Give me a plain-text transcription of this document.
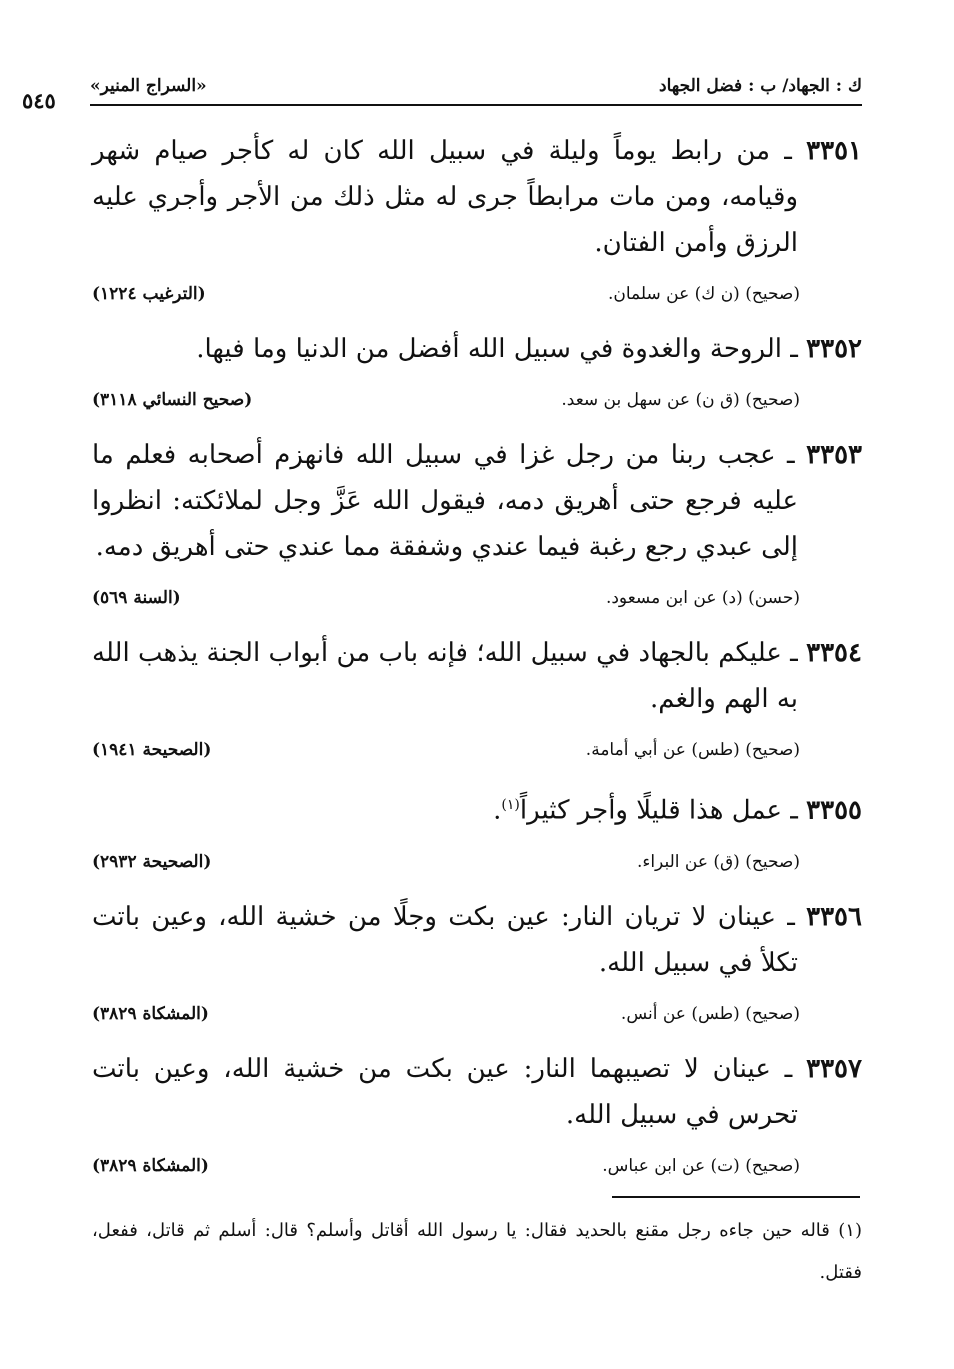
ك : الجهاد/ ب : فضل الجهاد
«السراج المنير»
٥٤٥
٣٣٥١ ـ من رابط يوماً وليلة في سبيل الله كان له كأجر صيام شهر وقيامه، ومن مات مرابطاً جرى له مثل ذلك من الأجر وأجري عليه الرزق وأمن الفتان.
(صحيح) (ن ك) عن سلمان.
(الترغيب ١٢٢٤)
٣٣٥٢ ـ الروحة والغدوة في سبيل الله أفضل من الدنيا وما فيها.
(صحيح) (ق ن) عن سهل بن سعد.
(صحيح النسائي ٣١١٨)
٣٣٥٣ ـ عجب ربنا من رجل غزا في سبيل الله فانهزم أصحابه فعلم ما عليه فرجع حتى أهريق دمه، فيقول الله عَزَّ وجل لملائكته: انظروا إلى عبدي رجع رغبة فيما عندي وشفقة مما عندي حتى أهريق دمه.
(حسن) (د) عن ابن مسعود.
(السنة ٥٦٩)
٣٣٥٤ ـ عليكم بالجهاد في سبيل الله؛ فإنه باب من أبواب الجنة يذهب الله به الهم والغم.
(صحيح) (طس) عن أبي أمامة.
(الصحيحة ١٩٤١)
٣٣٥٥ ـ عمل هذا قليلًا وأجر كثيراً$^{(١)}$.
(صحيح) (ق) عن البراء.
(الصحيحة ٢٩٣٢)
٣٣٥٦ ـ عينان لا تريان النار: عين بكت وجلًا من خشية الله، وعين باتت تكلأ في سبيل الله.
(صحيح) (طس) عن أنس.
(المشكاة ٣٨٢٩)
٣٣٥٧ ـ عينان لا تصيبهما النار: عين بكت من خشية الله، وعين باتت تحرس في سبيل الله.
(صحيح) (ت) عن ابن عباس.
(المشكاة ٣٨٢٩)
(١) قاله حين جاءه رجل مقنع بالحديد فقال: يا رسول الله أقاتل وأسلم؟ قال: أسلم ثم قاتل، ففعل، فقتل.
